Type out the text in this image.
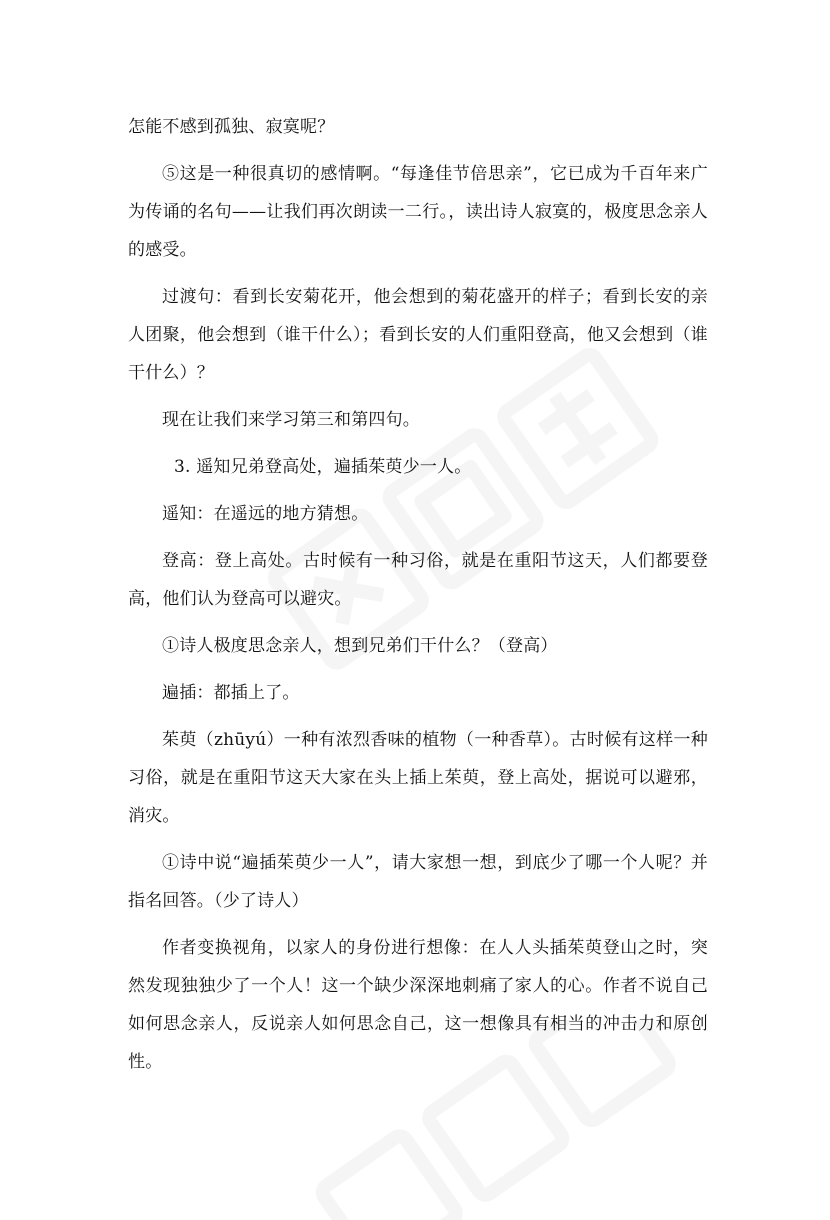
怎能不感到孤独、寂寞呢？

⑤这是一种很真切的感情啊。“每逢佳节倍思亲”，它已成为千百年来广为传诵的名句——让我们再次朗读一二行。，读出诗人寂寞的，极度思念亲人的感受。

过渡句：看到长安菊花开，他会想到的菊花盛开的样子；看到长安的亲人团聚，他会想到（谁干什么）；看到长安的人们重阳登高，他又会想到（谁干什么）？

现在让我们来学习第三和第四句。

3. 遥知兄弟登高处，遍插茱萸少一人。

遥知：在遥远的地方猜想。

登高：登上高处。古时候有一种习俗，就是在重阳节这天，人们都要登高，他们认为登高可以避灾。

①诗人极度思念亲人，想到兄弟们干什么？（登高）

遍插：都插上了。

茱萸（zhūyú）一种有浓烈香味的植物（一种香草）。古时候有这样一种习俗，就是在重阳节这天大家在头上插上茱萸，登上高处，据说可以避邪，消灾。

①诗中说“遍插茱萸少一人”，请大家想一想，到底少了哪一个人呢？并指名回答。（少了诗人）

作者变换视角，以家人的身份进行想像：在人人头插茱萸登山之时，突然发现独独少了一个人！这一个缺少深深地刺痛了家人的心。作者不说自己如何思念亲人，反说亲人如何思念自己，这一想像具有相当的冲击力和原创性。
